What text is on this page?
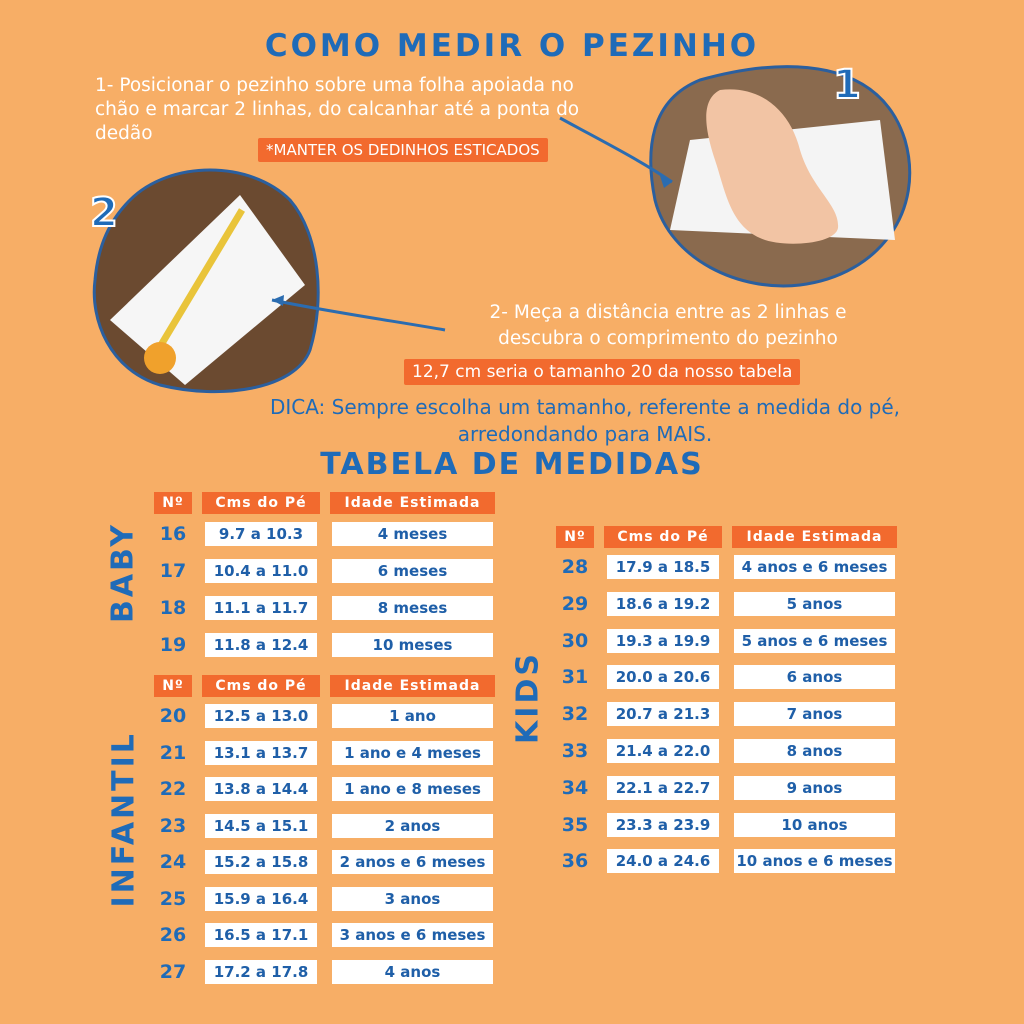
COMO MEDIR O PEZINHO
1- Posicionar o pezinho sobre uma folha apoiada no chão e marcar 2 linhas, do calcanhar até a ponta do dedão
*MANTER OS DEDINHOS ESTICADOS
1
2
2- Meça a distância entre as 2 linhas e descubra o comprimento do pezinho
12,7 cm seria o tamanho 20 da nosso tabela
DICA: Sempre escolha um tamanho, referente a medida do pé, arredondando para MAIS.
TABELA DE MEDIDAS
BABY
INFANTIL
KIDS
Nº	Cms do Pé	Idade Estimada
16	9.7 a 10.3	4 meses
17	10.4 a 11.0	6 meses
18	11.1 a 11.7	8 meses
19	11.8 a 12.4	10 meses
Nº	Cms do Pé	Idade Estimada
20	12.5 a 13.0	1 ano
21	13.1 a 13.7	1 ano e 4 meses
22	13.8 a 14.4	1 ano e 8 meses
23	14.5 a 15.1	2 anos
24	15.2 a 15.8	2 anos e 6 meses
25	15.9 a 16.4	3 anos
26	16.5 a 17.1	3 anos e 6 meses
27	17.2 a 17.8	4 anos
Nº	Cms do Pé	Idade Estimada
28	17.9 a 18.5	4 anos e 6 meses
29	18.6 a 19.2	5 anos
30	19.3 a 19.9	5 anos e 6 meses
31	20.0 a 20.6	6 anos
32	20.7 a 21.3	7 anos
33	21.4 a 22.0	8 anos
34	22.1 a 22.7	9 anos
35	23.3 a 23.9	10 anos
36	24.0 a 24.6	10 anos e 6 meses
